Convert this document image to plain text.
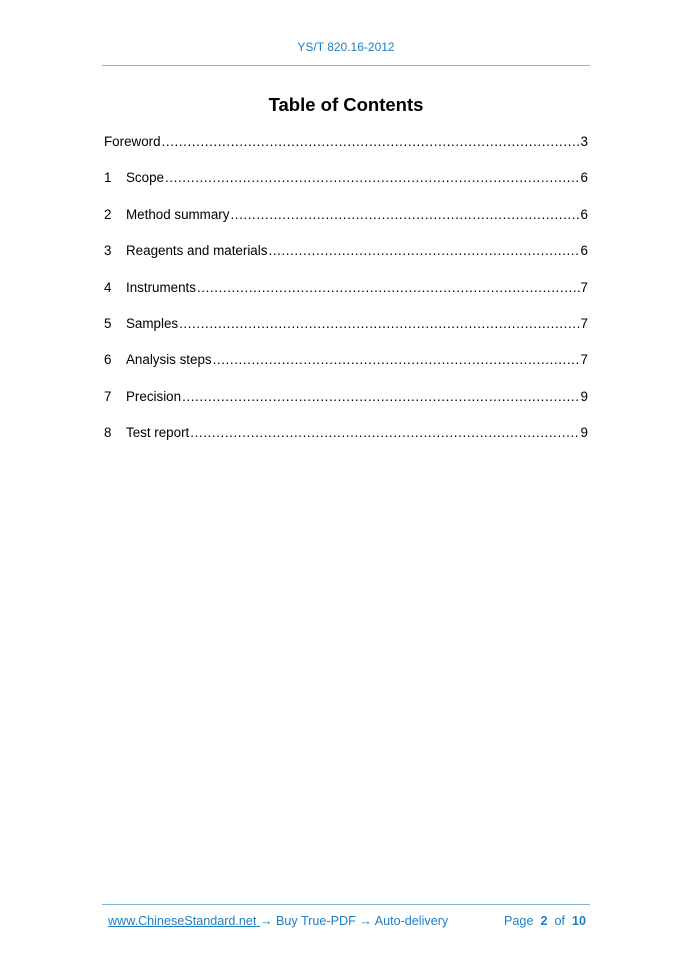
YS/T 820.16-2012
Table of Contents
Foreword .....	3
1	Scope .....	6
2	Method summary .....	6
3	Reagents and materials .....	6
4	Instruments .....	7
5	Samples .....	7
6	Analysis steps .....	7
7	Precision .....	9
8	Test report .....	9
www.ChineseStandard.net → Buy True-PDF → Auto-delivery	Page 2 of 10
